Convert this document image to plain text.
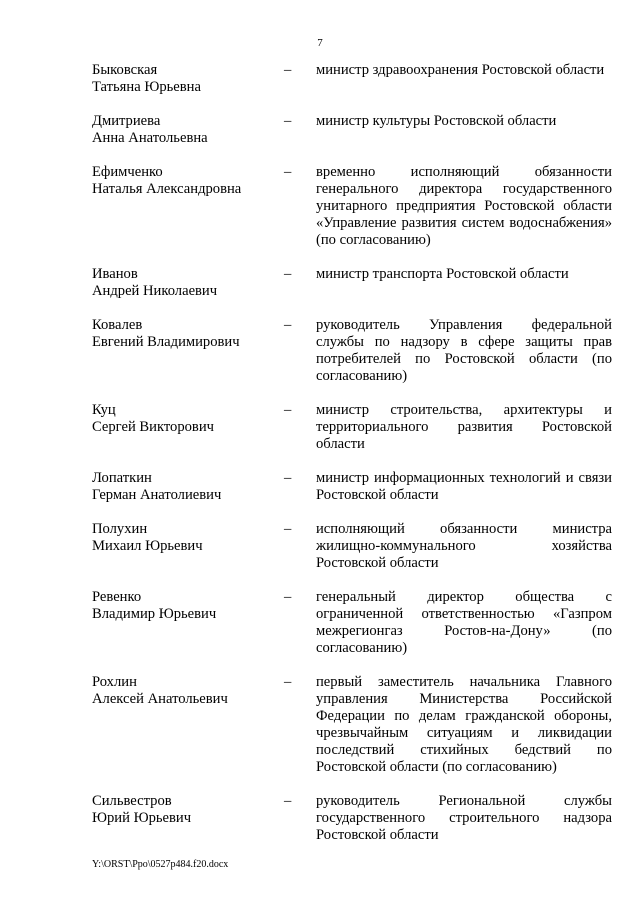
7
Быковская
Татьяна Юрьевна
–	министр здравоохранения Ростовской области
Дмитриева
Анна Анатольевна
–	министр культуры Ростовской области
Ефимченко
Наталья Александровна
–	временно исполняющий обязанности генерального директора государственного унитарного предприятия Ростовской области «Управление развития систем водоснабжения» (по согласованию)
Иванов
Андрей Николаевич
–	министр транспорта Ростовской области
Ковалев
Евгений Владимирович
–	руководитель Управления федеральной службы по надзору в сфере защиты прав потребителей по Ростовской области (по согласованию)
Куц
Сергей Викторович
–	министр строительства, архитектуры и территориального развития Ростовской области
Лопаткин
Герман Анатолиевич
–	министр информационных технологий и связи Ростовской области
Полухин
Михаил Юрьевич
–	исполняющий обязанности министра жилищно-коммунального хозяйства Ростовской области
Ревенко
Владимир Юрьевич
–	генеральный директор общества с ограниченной ответственностью «Газпром межрегионгаз Ростов-на-Дону» (по согласованию)
Рохлин
Алексей Анатольевич
–	первый заместитель начальника Главного управления Министерства Российской Федерации по делам гражданской обороны, чрезвычайным ситуациям и ликвидации последствий стихийных бедствий по Ростовской области (по согласованию)
Сильвестров
Юрий Юрьевич
–	руководитель Региональной службы государственного строительного надзора Ростовской области
Y:\ORST\Ppo\0527p484.f20.docx
